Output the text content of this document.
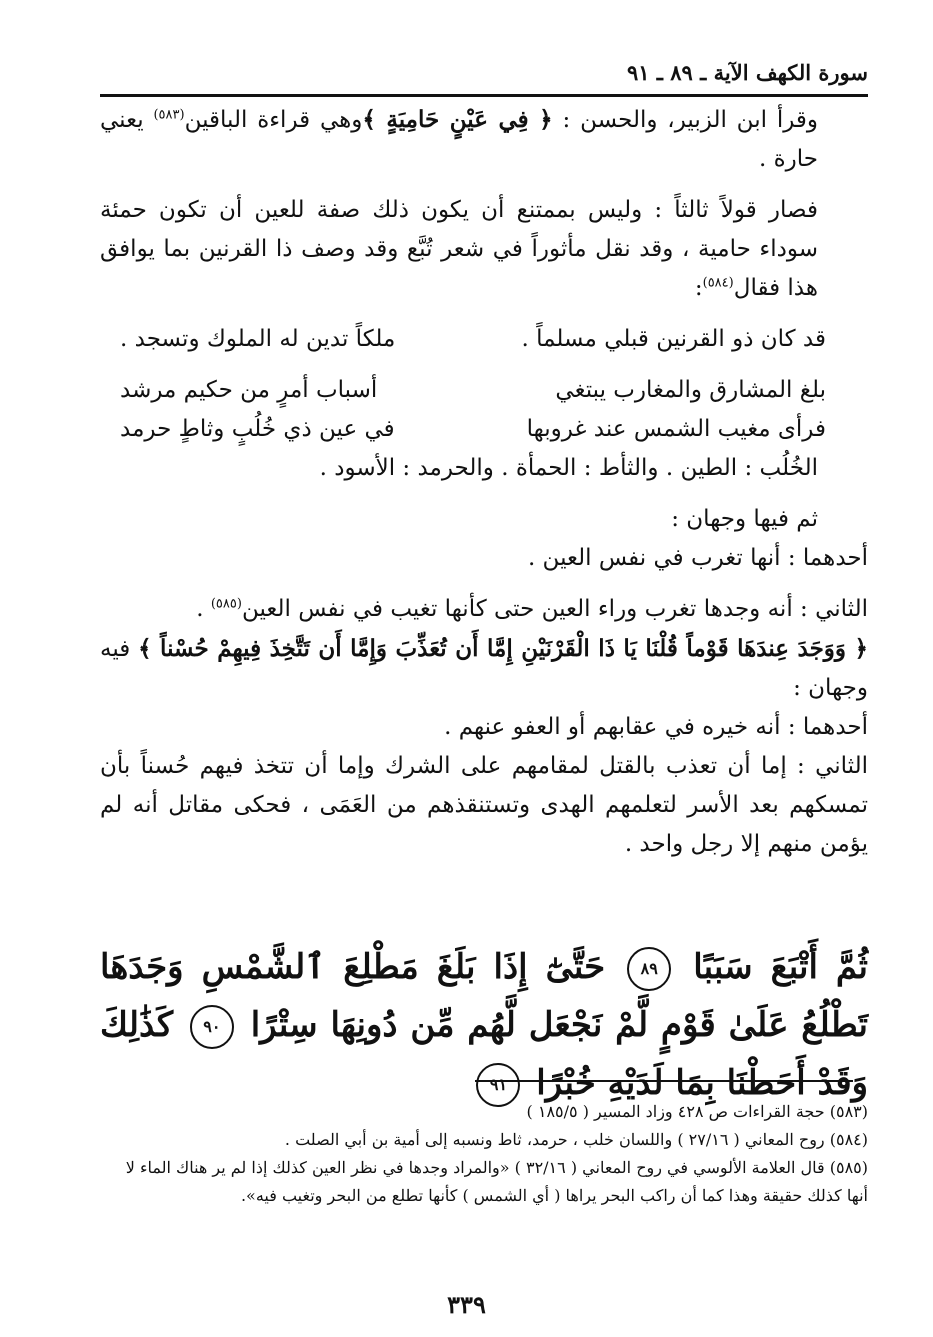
سورة الكهف الآية ـ ٨٩ ـ ٩١

وقرأ ابن الزبير، والحسن : ﴿ فِي عَيْنٍ حَامِيَةٍ ﴾وهي قراءة الباقين$^{(٥٨٣)}$ يعني حارة .

فصار قولاً ثالثاً : وليس بممتنع أن يكون ذلك صفة للعين أن تكون حمئة سوداء حامية ، وقد نقل مأثوراً في شعر تُبَّع وقد وصف ذا القرنين بما يوافق هذا فقال$^{(٥٨٤)}$:

قد كان ذو القرنين قبلي مسلماً .
ملكاً تدين له الملوك وتسجد .
بلغ المشارق والمغارب يبتغي
أسباب أمرٍ من حكيم مرشد
فرأى مغيب الشمس عند غروبها
في عين ذي خُلُبٍ وثاطٍ حرمد

الخُلُب : الطين . والثأط : الحمأة . والحرمد : الأسود .

ثم فيها وجهان :

أحدهما : أنها تغرب في نفس العين .

الثاني : أنه وجدها تغرب وراء العين حتى كأنها تغيب في نفس العين$^{(٥٨٥)}$ .

﴿ وَوَجَدَ عِندَهَا قَوْماً قُلْنَا يَا ذَا الْقَرْنَيْنِ إِمَّا أَن تُعَذِّبَ وَإِمَّا أَن تَتَّخِذَ فِيهِمْ حُسْناً ﴾ فيه وجهان :

أحدهما : أنه خيره في عقابهم أو العفو عنهم .

الثاني : إما أن تعذب بالقتل لمقامهم على الشرك وإما أن تتخذ فيهم حُسناً بأن تمسكهم بعد الأسر لتعلمهم الهدى وتستنقذهم من العَمَى ، فحكى مقاتل أنه لم يؤمن منهم إلا رجل واحد .

ثُمَّ أَتْبَعَ سَبَبًا ٨٩ حَتَّىٰٓ إِذَا بَلَغَ مَطْلِعَ ٱلشَّمْسِ وَجَدَهَا تَطْلُعُ عَلَىٰ قَوْمٍ لَّمْ نَجْعَل لَّهُم مِّن دُونِهَا سِتْرًا ٩٠ كَذَٰلِكَ وَقَدْ أَحَطْنَا بِمَا لَدَيْهِ خُبْرًا ٩١

(٥٨٣) حجة القراءات ص ٤٢٨ وزاد المسير ( ١٨٥/٥ )

(٥٨٤) روح المعاني ( ٢٧/١٦ ) واللسان خلب ، حرمد، ثاط ونسبه إلى أمية بن أبي الصلت .

(٥٨٥) قال العلامة الألوسي في روح المعاني ( ٣٢/١٦ ) «والمراد وجدها في نظر العين كذلك إذا لم ير هناك الماء لا أنها كذلك حقيقة وهذا كما أن راكب البحر يراها ( أي الشمس ) كأنها تطلع من البحر وتغيب فيه».

٣٣٩
